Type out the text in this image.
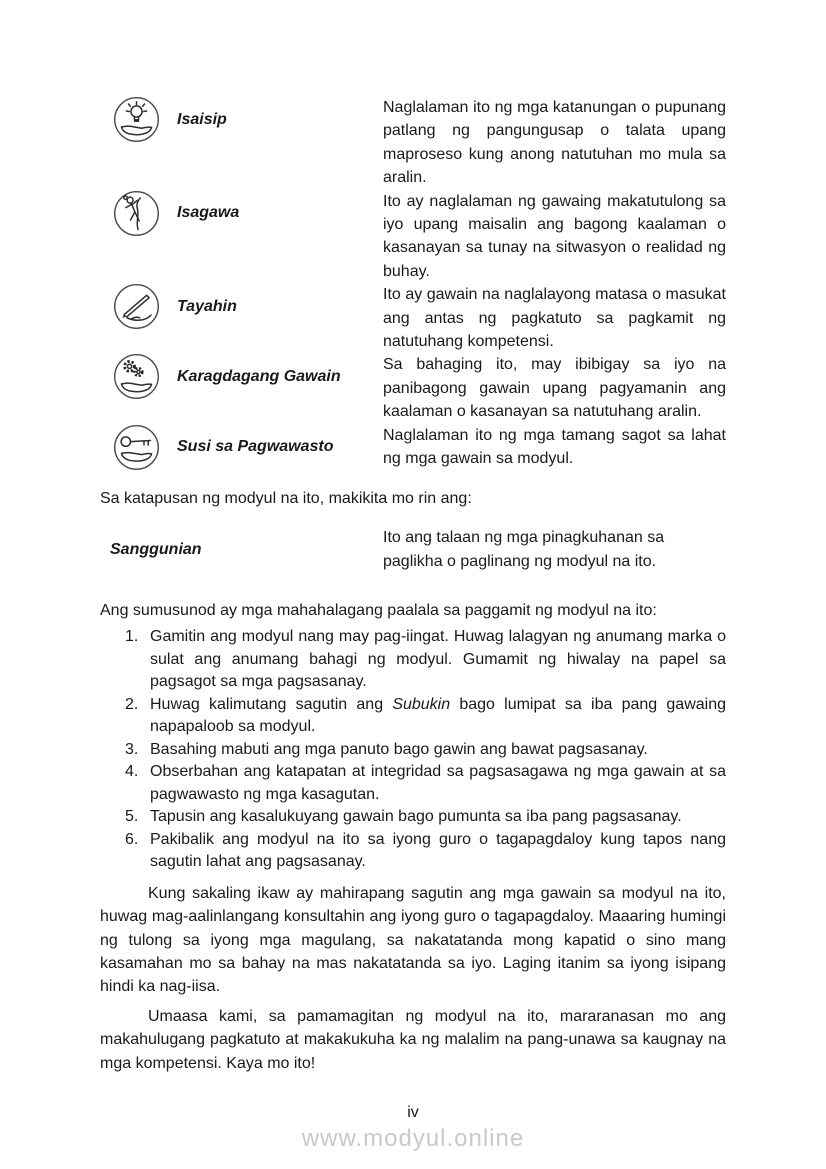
Isaisip
Naglalaman ito ng mga katanungan o pupunang patlang ng pangungusap o talata upang maproseso kung anong natutuhan mo mula sa aralin.
Isagawa
Ito ay naglalaman ng gawaing makatutulong sa iyo upang maisalin ang bagong kaalaman o kasanayan sa tunay na sitwasyon o realidad ng buhay.
Tayahin
Ito ay gawain na naglalayong matasa o masukat ang antas ng pagkatuto sa pagkamit ng natutuhang kompetensi.
Karagdagang Gawain
Sa bahaging ito, may ibibigay sa iyo na panibagong gawain upang pagyamanin ang kaalaman o kasanayan sa natutuhang aralin.
Susi sa Pagwawasto
Naglalaman ito ng mga tamang sagot sa lahat ng mga gawain sa modyul.

Sa katapusan ng modyul na ito, makikita mo rin ang:

Sanggunian
Ito ang talaan ng mga pinagkuhanan sa paglikha o paglinang ng modyul na ito.

Ang sumusunod ay mga mahahalagang paalala sa paggamit ng modyul na ito:

1. Gamitin ang modyul nang may pag-iingat. Huwag lalagyan ng anumang marka o sulat ang anumang bahagi ng modyul. Gumamit ng hiwalay na papel sa pagsagot sa mga pagsasanay.
2. Huwag kalimutang sagutin ang Subukin bago lumipat sa iba pang gawaing napapaloob sa modyul.
3. Basahing mabuti ang mga panuto bago gawin ang bawat pagsasanay.
4. Obserbahan ang katapatan at integridad sa pagsasagawa ng mga gawain at sa pagwawasto ng mga kasagutan.
5. Tapusin ang kasalukuyang gawain bago pumunta sa iba pang pagsasanay.
6. Pakibalik ang modyul na ito sa iyong guro o tagapagdaloy kung tapos nang sagutin lahat ang pagsasanay.

Kung sakaling ikaw ay mahirapang sagutin ang mga gawain sa modyul na ito, huwag mag-aalinlangang konsultahin ang iyong guro o tagapagdaloy. Maaaring humingi ng tulong sa iyong mga magulang, sa nakatatanda mong kapatid o sino mang kasamahan mo sa bahay na mas nakatatanda sa iyo. Laging itanim sa iyong isipang hindi ka nag-iisa.

Umaasa kami, sa pamamagitan ng modyul na ito, mararanasan mo ang makahulugang pagkatuto at makakukuha ka ng malalim na pang-unawa sa kaugnay na mga kompetensi. Kaya mo ito!

iv
www.modyul.online
